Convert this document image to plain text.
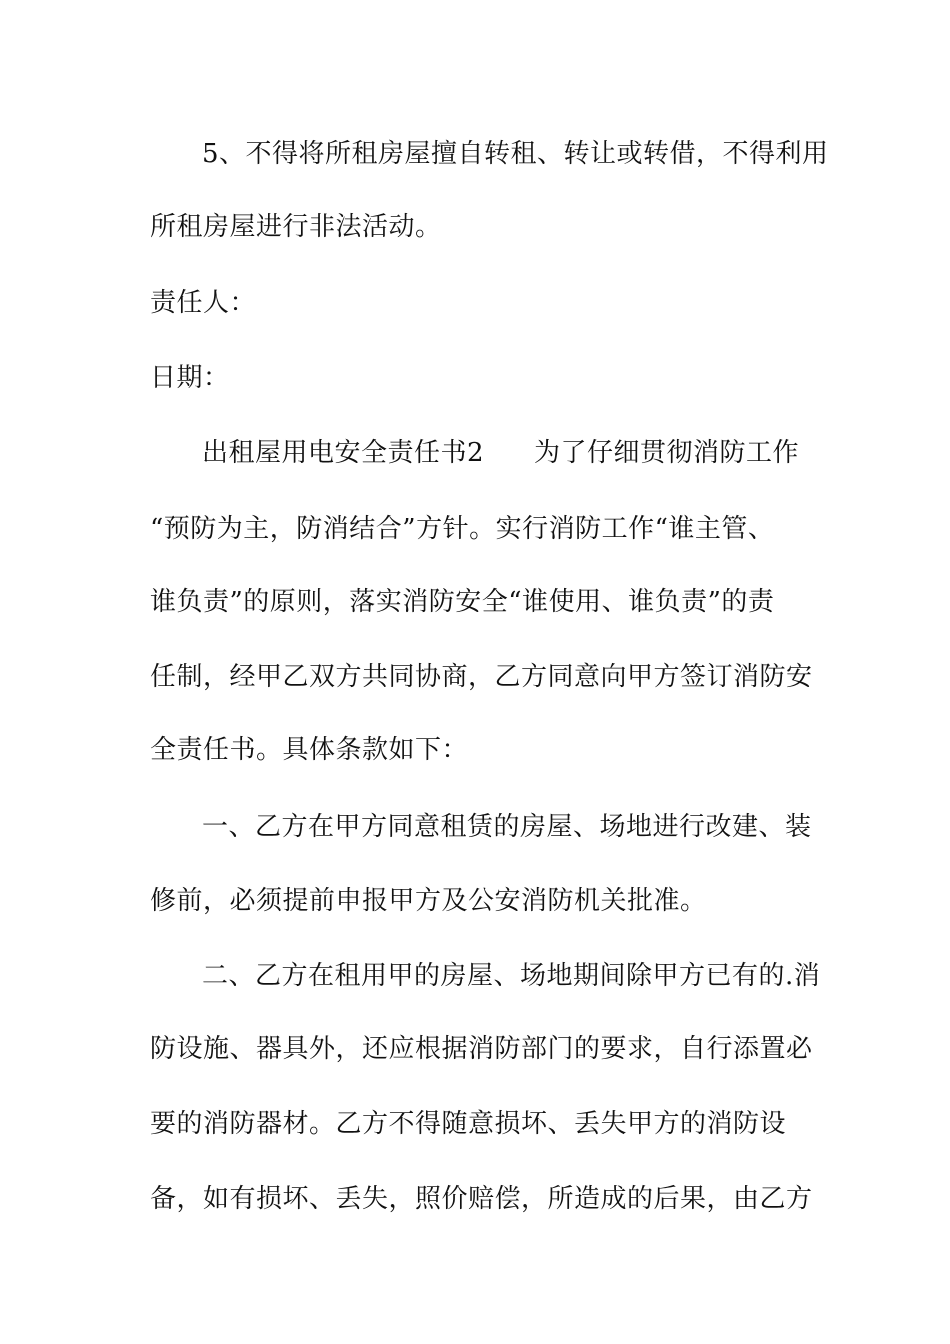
5、不得将所租房屋擅自转租、转让或转借，不得利用
所租房屋进行非法活动。
责任人：
日期：
出租屋用电安全责任书2 为了仔细贯彻消防工作
“预防为主，防消结合”方针。实行消防工作“谁主管、
谁负责”的原则，落实消防安全“谁使用、谁负责”的责
任制，经甲乙双方共同协商，乙方同意向甲方签订消防安
全责任书。具体条款如下：
一、乙方在甲方同意租赁的房屋、场地进行改建、装
修前，必须提前申报甲方及公安消防机关批准。
二、乙方在租用甲的房屋、场地期间除甲方已有的.消
防设施、器具外，还应根据消防部门的要求，自行添置必
要的消防器材。乙方不得随意损坏、丢失甲方的消防设
备，如有损坏、丢失，照价赔偿，所造成的后果，由乙方
